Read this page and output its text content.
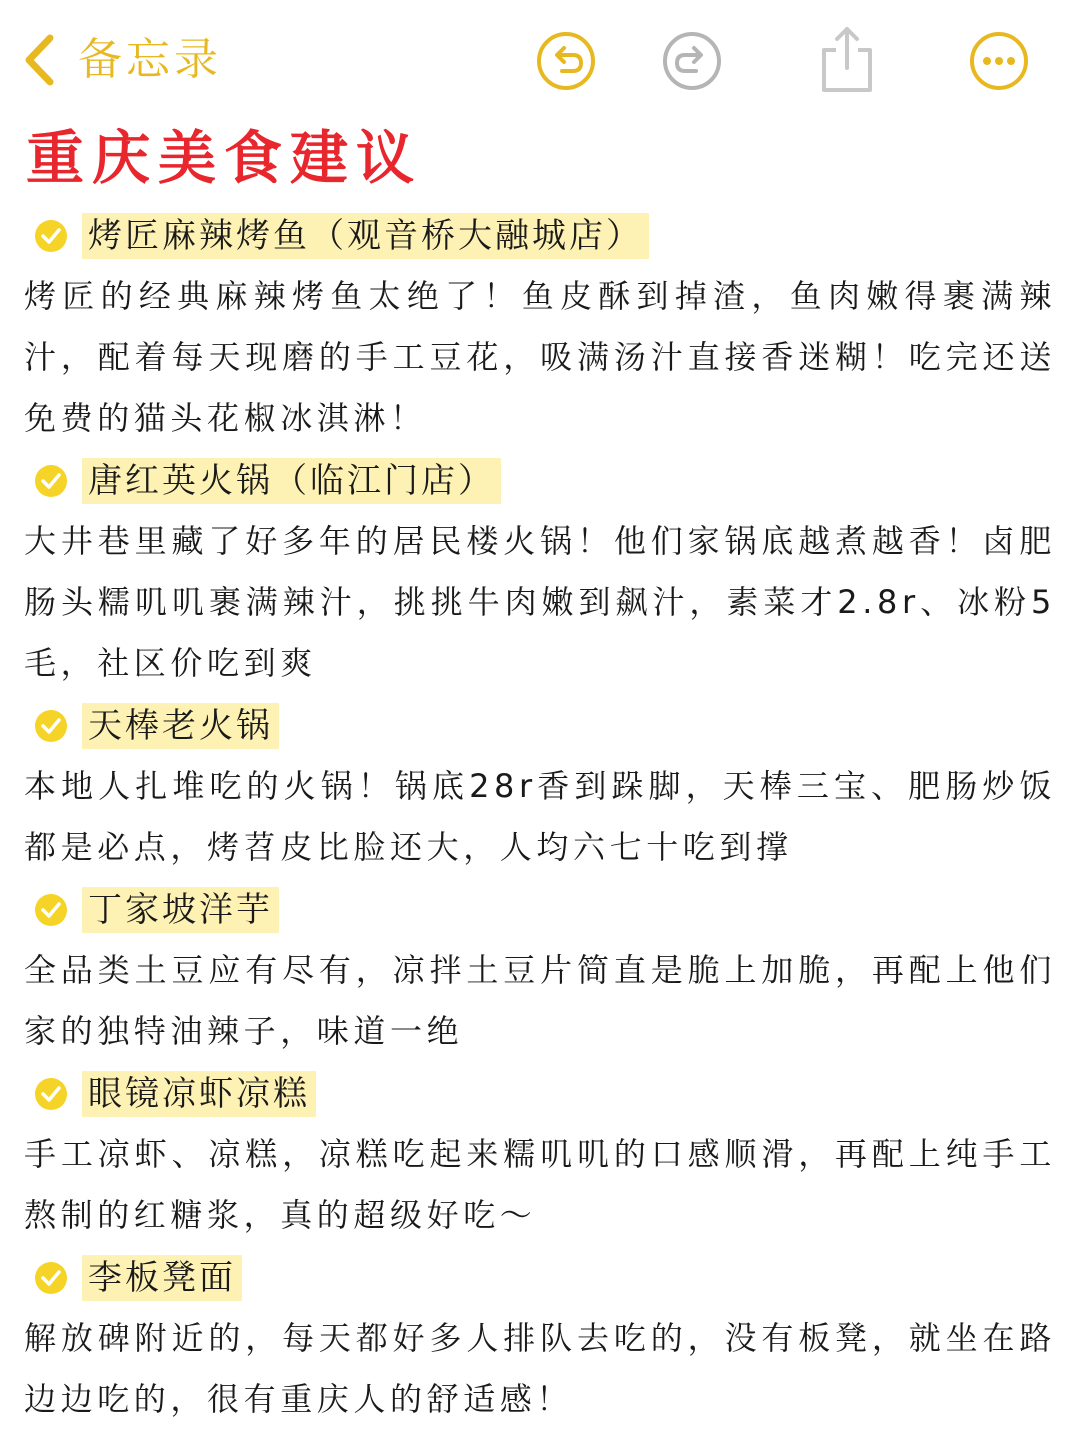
备忘录
重庆美食建议
烤匠麻辣烤鱼（观音桥大融城店）

烤匠的经典麻辣烤鱼太绝了！鱼皮酥到掉渣，鱼肉嫩得裹满辣汁，配着每天现磨的手工豆花，吸满汤汁直接香迷糊！吃完还送免费的猫头花椒冰淇淋！

唐红英火锅（临江门店）

大井巷里藏了好多年的居民楼火锅！他们家锅底越煮越香！卤肥肠头糯叽叽裹满辣汁，挑挑牛肉嫩到飙汁，素菜才2.8r、冰粉5毛，社区价吃到爽

天棒老火锅

本地人扎堆吃的火锅！锅底28r香到跺脚，天棒三宝、肥肠炒饭都是必点，烤苕皮比脸还大，人均六七十吃到撑

丁家坡洋芋

全品类土豆应有尽有，凉拌土豆片简直是脆上加脆，再配上他们家的独特油辣子，味道一绝

眼镜凉虾凉糕

手工凉虾、凉糕，凉糕吃起来糯叽叽的口感顺滑，再配上纯手工熬制的红糖浆，真的超级好吃～

李板凳面

解放碑附近的，每天都好多人排队去吃的，没有板凳，就坐在路边边吃的，很有重庆人的舒适感！
